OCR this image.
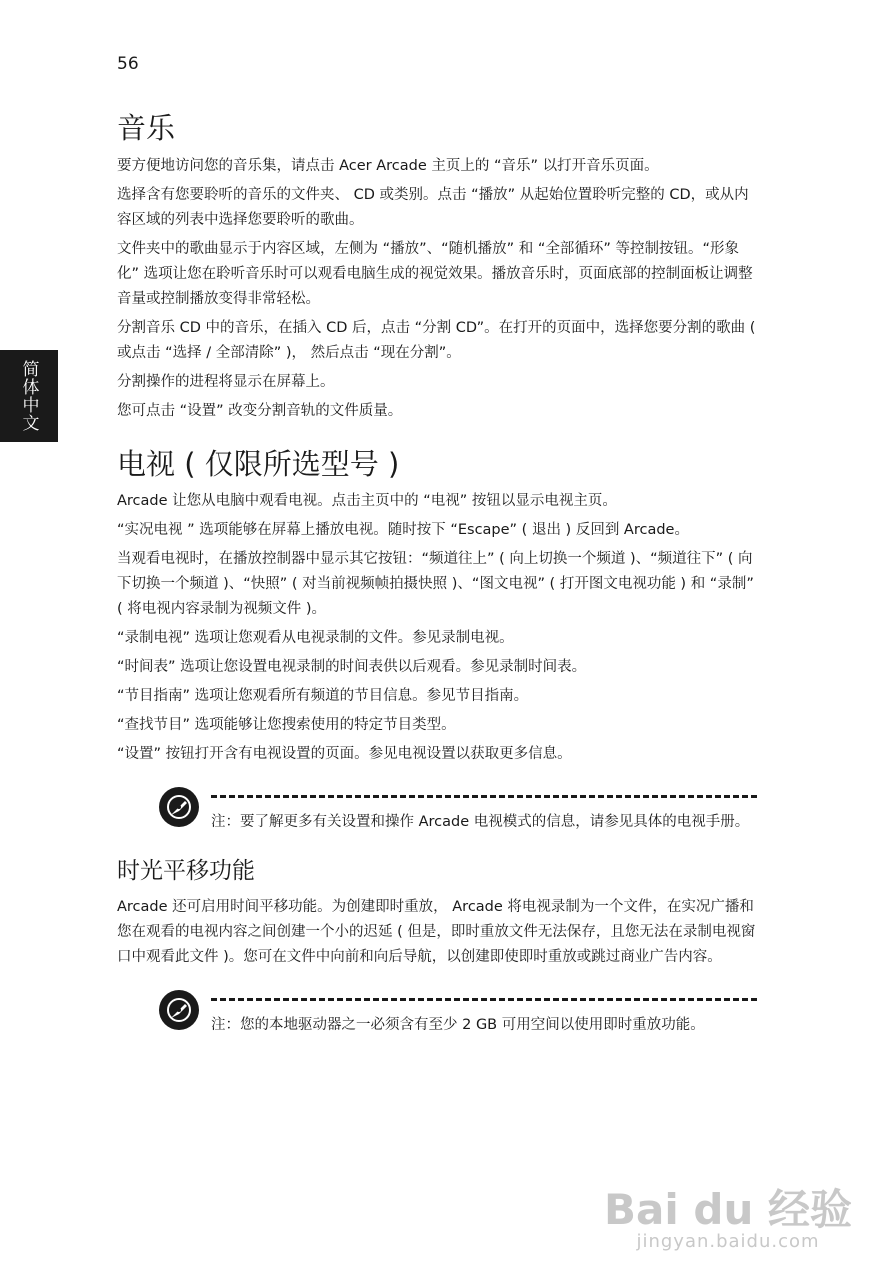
56
简体中文
音乐

要方便地访问您的音乐集，请点击 Acer Arcade 主页上的 “音乐” 以打开音乐页面。

选择含有您要聆听的音乐的文件夹、 CD 或类别。点击 “播放” 从起始位置聆听完整的 CD，或从内容区域的列表中选择您要聆听的歌曲。

文件夹中的歌曲显示于内容区域，左侧为 “播放”、“随机播放” 和 “全部循环” 等控制按钮。“形象化” 选项让您在聆听音乐时可以观看电脑生成的视觉效果。播放音乐时，页面底部的控制面板让调整音量或控制播放变得非常轻松。

分割音乐 CD 中的音乐，在插入 CD 后，点击 “分割 CD”。在打开的页面中，选择您要分割的歌曲 ( 或点击 “选择 / 全部清除” )， 然后点击 “现在分割”。

分割操作的进程将显示在屏幕上。

您可点击 “设置” 改变分割音轨的文件质量。

电视 ( 仅限所选型号 )

Arcade 让您从电脑中观看电视。点击主页中的 “电视” 按钮以显示电视主页。

“实况电视 ” 选项能够在屏幕上播放电视。随时按下 “Escape” ( 退出 ) 反回到 Arcade。

当观看电视时，在播放控制器中显示其它按钮：“频道往上” ( 向上切换一个频道 )、“频道往下” ( 向下切换一个频道 )、“快照” ( 对当前视频帧拍摄快照 )、“图文电视” ( 打开图文电视功能 ) 和 “录制” ( 将电视内容录制为视频文件 )。

“录制电视” 选项让您观看从电视录制的文件。参见录制电视。

“时间表” 选项让您设置电视录制的时间表供以后观看。参见录制时间表。

“节目指南” 选项让您观看所有频道的节目信息。参见节目指南。

“查找节目” 选项能够让您搜索使用的特定节目类型。

“设置” 按钮打开含有电视设置的页面。参见电视设置以获取更多信息。

注：要了解更多有关设置和操作 Arcade 电视模式的信息，请参见具体的电视手册。

时光平移功能

Arcade 还可启用时间平移功能。为创建即时重放， Arcade 将电视录制为一个文件，在实况广播和您在观看的电视内容之间创建一个小的迟延 ( 但是，即时重放文件无法保存，且您无法在录制电视窗口中观看此文件 )。您可在文件中向前和向后导航，以创建即使即时重放或跳过商业广告内容。

注：您的本地驱动器之一必须含有至少 2 GB 可用空间以使用即时重放功能。

Bai du 经验
jingyan.baidu.com
